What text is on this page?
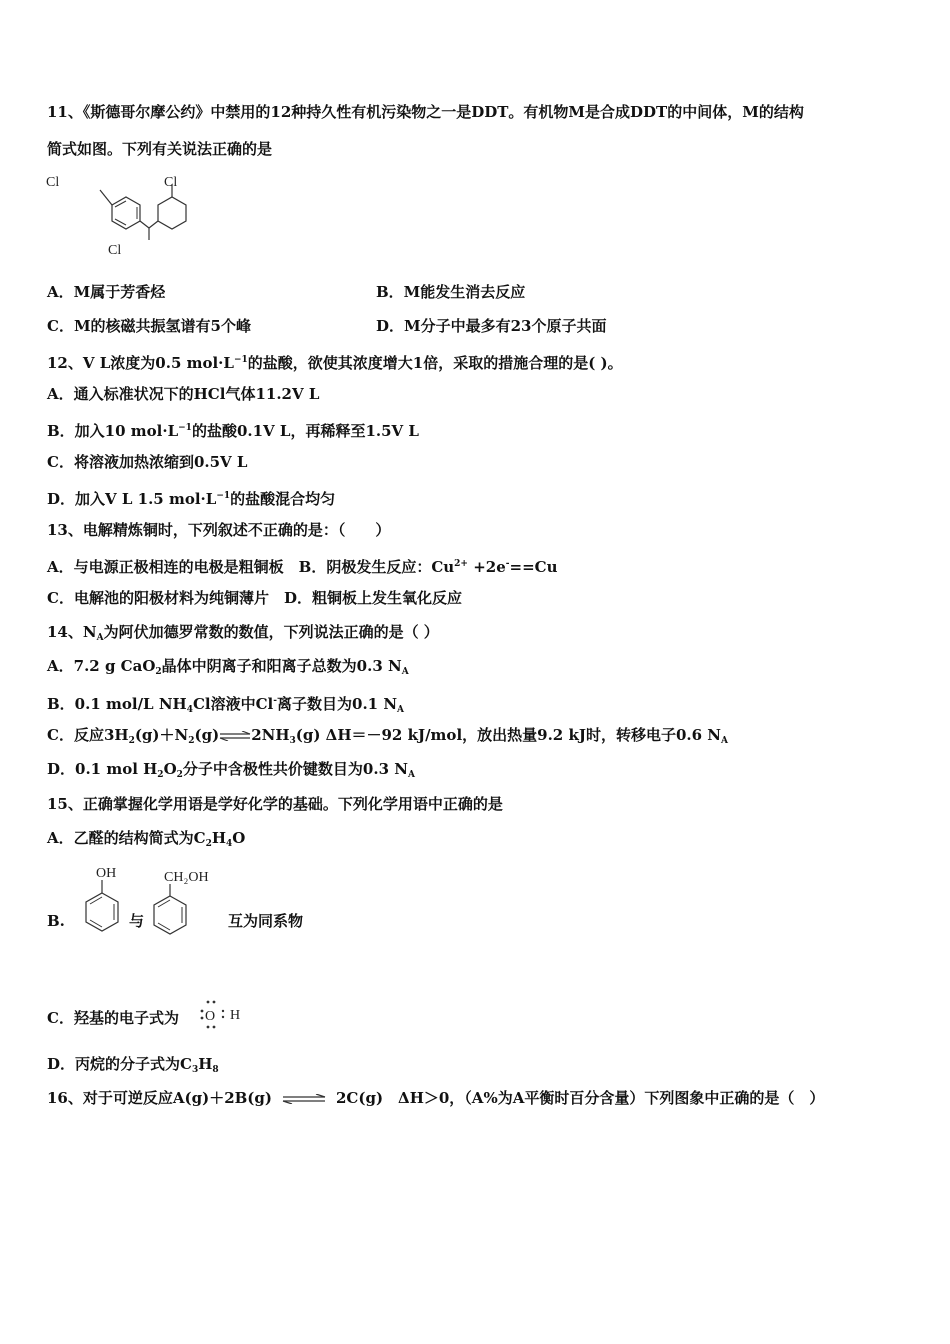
11、《斯德哥尔摩公约》中禁用的12种持久性有机污染物之一是DDT。有机物M是合成DDT的中间体，M的结构
简式如图。下列有关说法正确的是
Cl	Cl
Cl
A．M属于芳香烃	B．M能发生消去反应
C．M的核磁共振氢谱有5个峰	D．M分子中最多有23个原子共面
12、V L浓度为0.5 $mol\cdot L^{-1}$的盐酸，欲使其浓度增大1倍，采取的措施合理的是( )。
A．通入标准状况下的HCl气体11.2V L
B．加入10 $mol\cdot L^{-1}$的盐酸0.1V L，再稀释至1.5V L
C．将溶液加热浓缩到0.5V L
D．加入V L 1.5 $mol\cdot L^{-1}$的盐酸混合均匀
13、电解精炼铜时，下列叙述不正确的是：（　　）
A．与电源正极相连的电极是粗铜板　B．阴极发生反应：$Cu^{2+} +2e^-==Cu$
C．电解池的阳极材料为纯铜薄片　D．粗铜板上发生氧化反应
14、$N_A$为阿伏加德罗常数的数值，下列说法正确的是（ ）
A．7.2 g CaO$_2$晶体中阴离子和阳离子总数为0.3 $N_A$
B．0.1 mol/L $NH_4Cl$溶液中Cl-离子数目为0.1 $N_A$
C．反应$3H_2(g)+N_2(g)\rightleftharpoons 2NH_3(g)$ ΔH＝－92 kJ/mol，放出热量9.2 kJ时，转移电子0.6 $N_A$
D．0.1 mol $H_2O_2$分子中含极性共价键数目为0.3 $N_A$
15、正确掌握化学用语是学好化学的基础。下列化学用语中正确的是
A．乙醛的结构简式为$C_2H_4O$
B.
OH	CH₂OH
与	互为同系物
C．羟基的电子式为 O H
D．丙烷的分子式为$C_3H_8$
16、对于可逆反应A(g)＋2B(g) ⇌ 2C(g)　ΔH＞0，（A%为A平衡时百分含量）下列图象中正确的是（　）
